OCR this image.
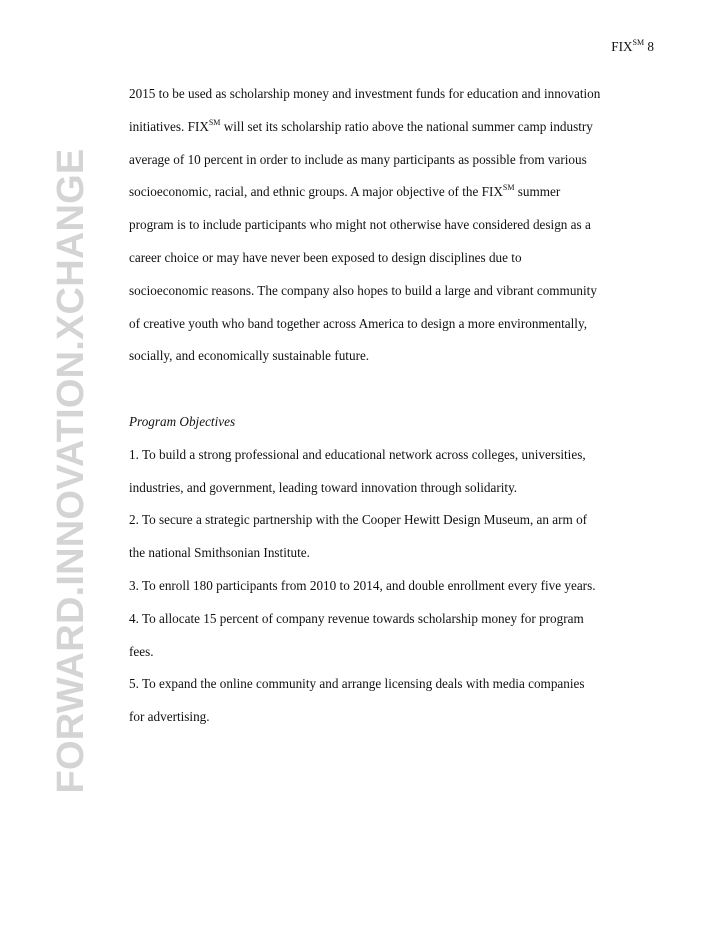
FORWARD.INNOVATION.XCHANGE
FIX℠ 8

2015 to be used as scholarship money and investment funds for education and innovation

initiatives. FIX℠ will set its scholarship ratio above the national summer camp industry

average of 10 percent in order to include as many participants as possible from various

socioeconomic, racial, and ethnic groups. A major objective of the FIX℠ summer

program is to include participants who might not otherwise have considered design as a

career choice or may have never been exposed to design disciplines due to

socioeconomic reasons. The company also hopes to build a large and vibrant community

of creative youth who band together across America to design a more environmentally,

socially, and economically sustainable future.

Program Objectives

1. To build a strong professional and educational network across colleges, universities,

industries, and government, leading toward innovation through solidarity.

2. To secure a strategic partnership with the Cooper Hewitt Design Museum, an arm of

the national Smithsonian Institute.

3. To enroll 180 participants from 2010 to 2014, and double enrollment every five years.

4. To allocate 15 percent of company revenue towards scholarship money for program

fees.

5. To expand the online community and arrange licensing deals with media companies

for advertising.
